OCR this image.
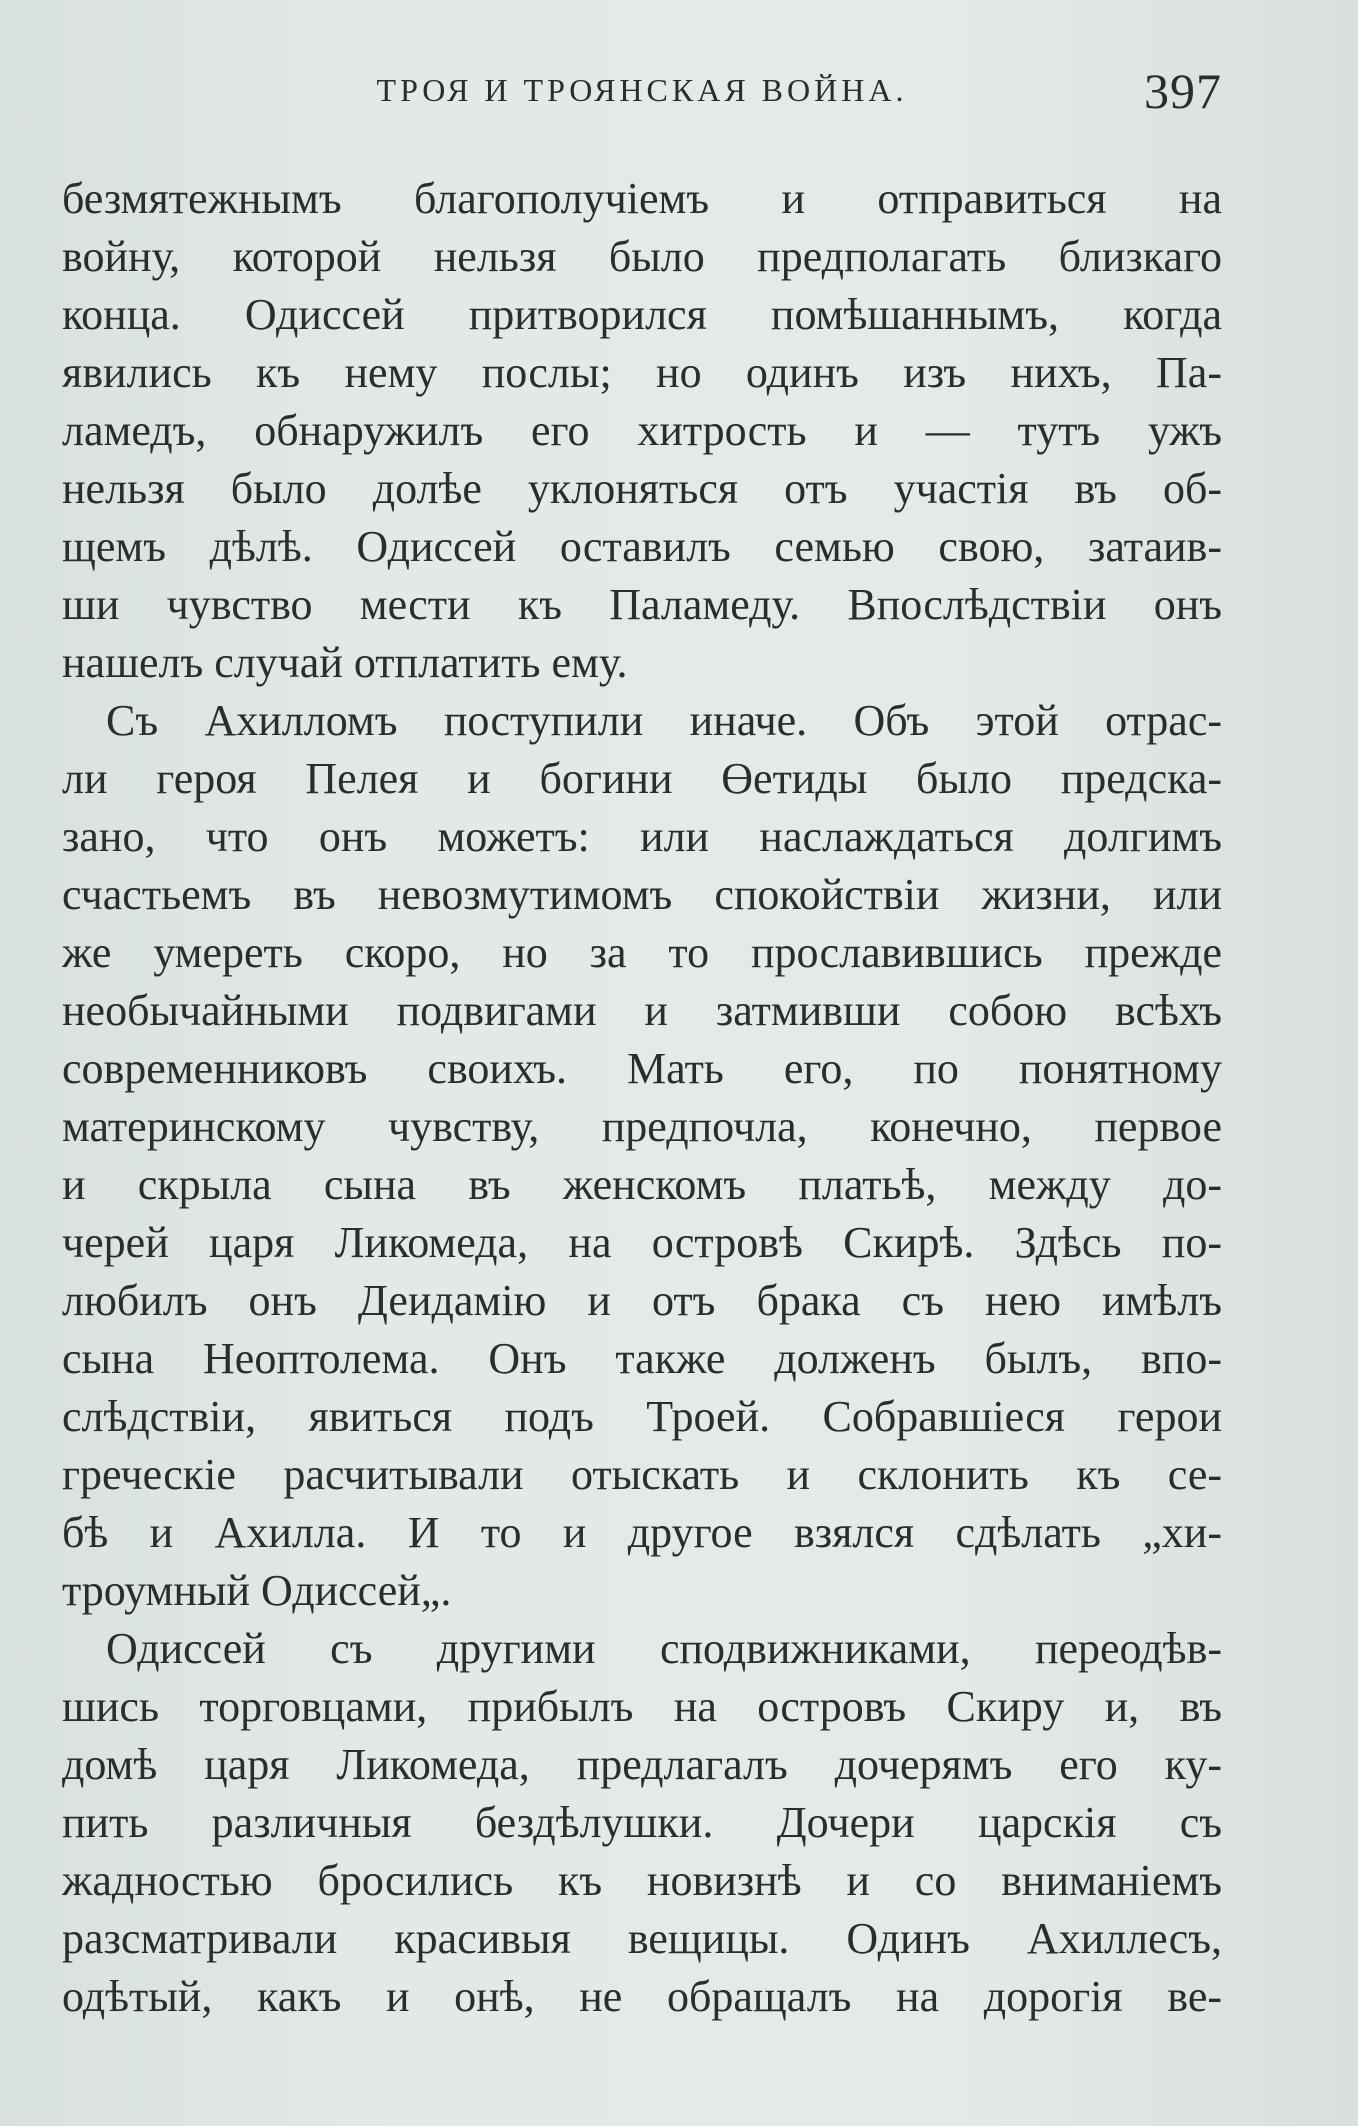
ТРОЯ И ТРОЯНСКАЯ ВОЙНА.	397
безмятежнымъ благополучіемъ и отправиться на
войну, которой нельзя было предполагать близкаго
конца. Одиссей притворился помѣшаннымъ, когда
явились къ нему послы; но одинъ изъ нихъ, Па-
ламедъ, обнаружилъ его хитрость и — тутъ ужъ
нельзя было долѣе уклоняться отъ участія въ об-
щемъ дѣлѣ. Одиссей оставилъ семью свою, затаив-
ши чувство мести къ Паламеду. Впослѣдствіи онъ
нашелъ случай отплатить ему.
Съ Ахилломъ поступили иначе. Объ этой отрас-
ли героя Пелея и богини Өетиды было предска-
зано, что онъ можетъ: или наслаждаться долгимъ
счастьемъ въ невозмутимомъ спокойствіи жизни, или
же умереть скоро, но за то прославившись прежде
необычайными подвигами и затмивши собою всѣхъ
современниковъ своихъ. Мать его, по понятному
материнскому чувству, предпочла, конечно, первое
и скрыла сына въ женскомъ платьѣ, между до-
черей царя Ликомеда, на островѣ Скирѣ. Здѣсь по-
любилъ онъ Деидамію и отъ брака съ нею имѣлъ
сына Неоптолема. Онъ также долженъ былъ, впо-
слѣдствіи, явиться подъ Троей. Собравшіеся герои
греческіе расчитывали отыскать и склонить къ се-
бѣ и Ахилла. И то и другое взялся сдѣлать „хи-
троумный Одиссей„.
Одиссей съ другими сподвижниками, переодѣв-
шись торговцами, прибылъ на островъ Скиру и, въ
домѣ царя Ликомеда, предлагалъ дочерямъ его ку-
пить различныя бездѣлушки. Дочери царскія съ
жадностью бросились къ новизнѣ и со вниманіемъ
разсматривали красивыя вещицы. Одинъ Ахиллесъ,
одѣтый, какъ и онѣ, не обращалъ на дорогія ве-
